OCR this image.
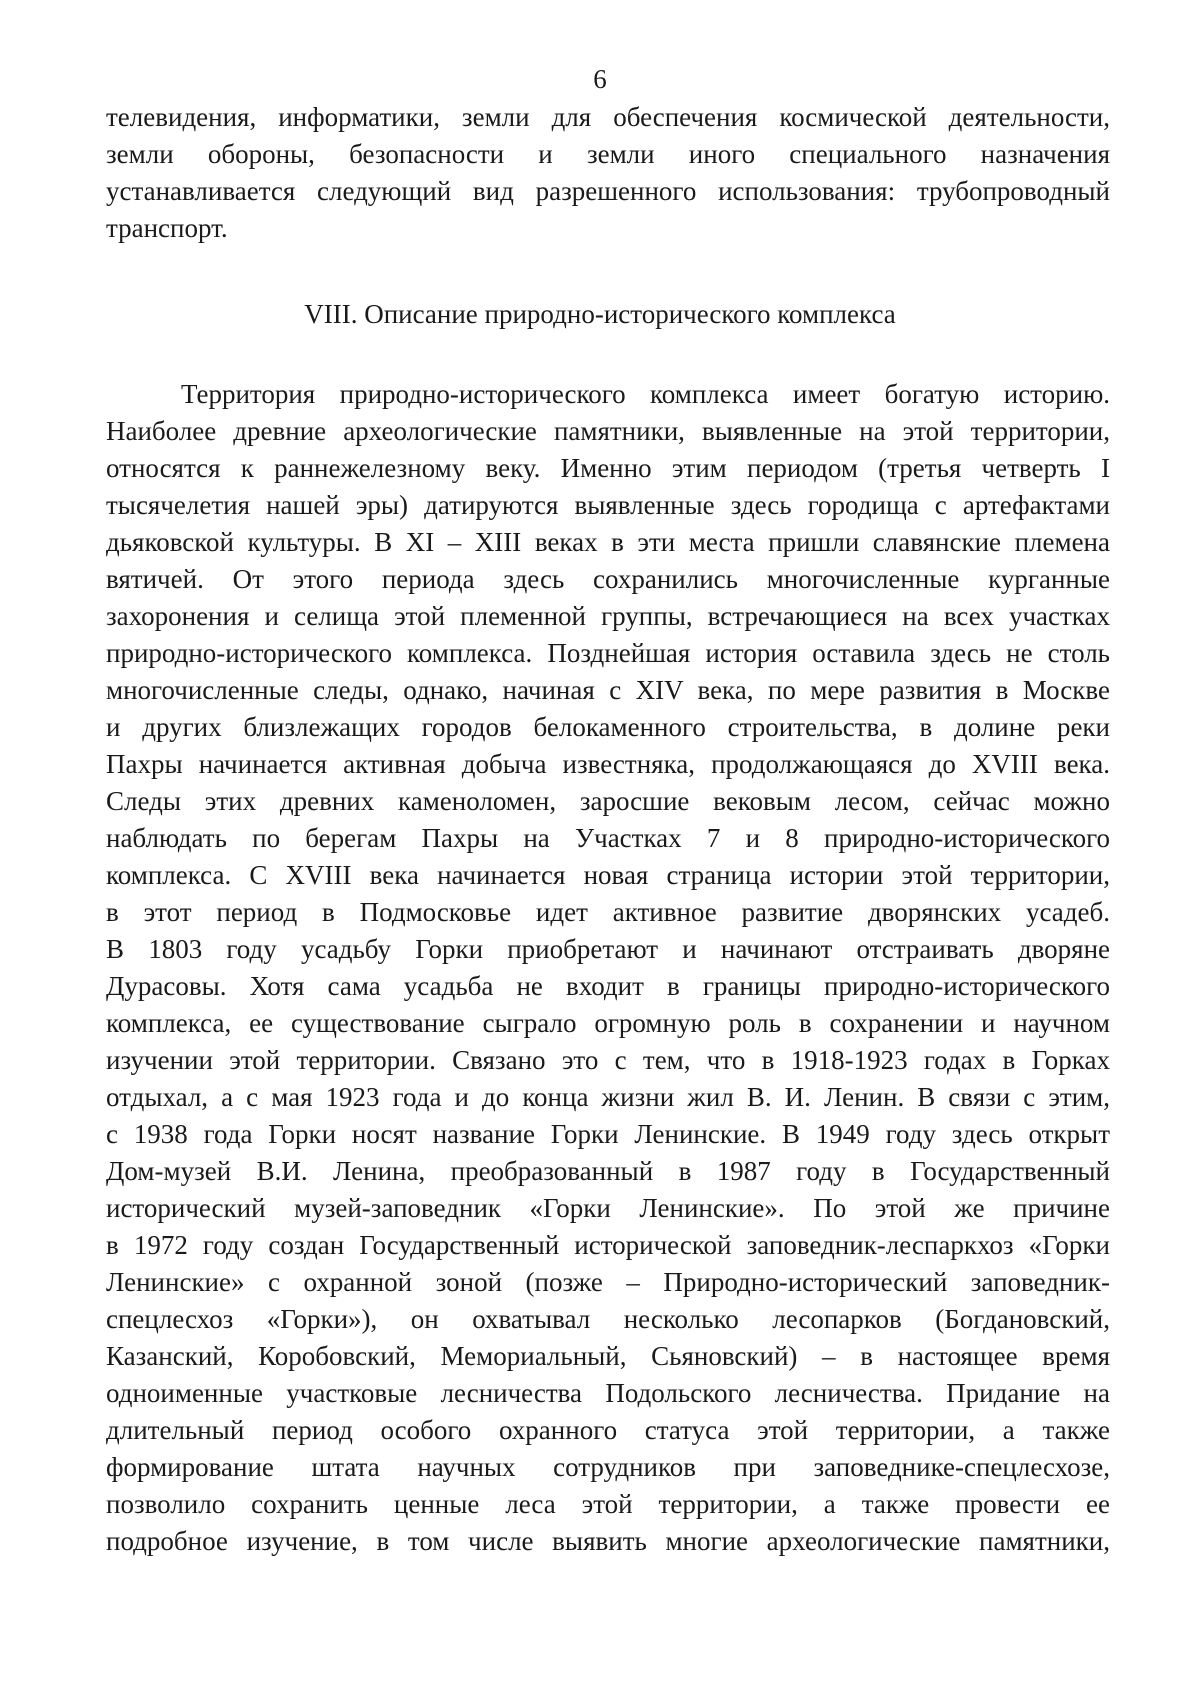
6
телевидения, информатики, земли для обеспечения космической деятельности,
земли обороны, безопасности и земли иного специального назначения
устанавливается следующий вид разрешенного использования: трубопроводный
транспорт.
VIII. Описание природно-исторического комплекса
Территория природно-исторического комплекса имеет богатую историю.
Наиболее древние археологические памятники, выявленные на этой территории,
относятся к раннежелезному веку. Именно этим периодом (третья четверть I
тысячелетия нашей эры) датируются выявленные здесь городища с артефактами
дьяковской культуры. В XI – XIII веках в эти места пришли славянские племена
вятичей. От этого периода здесь сохранились многочисленные курганные
захоронения и селища этой племенной группы, встречающиеся на всех участках
природно-исторического комплекса. Позднейшая история оставила здесь не столь
многочисленные следы, однако, начиная с XIV века, по мере развития в Москве
и других близлежащих городов белокаменного строительства, в долине реки
Пахры начинается активная добыча известняка, продолжающаяся до XVIII века.
Следы этих древних каменоломен, заросшие вековым лесом, сейчас можно
наблюдать по берегам Пахры на Участках 7 и 8 природно-исторического
комплекса. С XVIII века начинается новая страница истории этой территории,
в этот период в Подмосковье идет активное развитие дворянских усадеб.
В 1803 году усадьбу Горки приобретают и начинают отстраивать дворяне
Дурасовы. Хотя сама усадьба не входит в границы природно-исторического
комплекса, ее существование сыграло огромную роль в сохранении и научном
изучении этой территории. Связано это с тем, что в 1918-1923 годах в Горках
отдыхал, а с мая 1923 года и до конца жизни жил В. И. Ленин. В связи с этим,
с 1938 года Горки носят название Горки Ленинские. В 1949 году здесь открыт
Дом-музей В.И. Ленина, преобразованный в 1987 году в Государственный
исторический музей-заповедник «Горки Ленинские». По этой же причине
в 1972 году создан Государственный исторической заповедник-леспаркхоз «Горки
Ленинские» с охранной зоной (позже – Природно-исторический заповедник-
спецлесхоз «Горки»), он охватывал несколько лесопарков (Богдановский,
Казанский, Коробовский, Мемориальный, Сьяновский) – в настоящее время
одноименные участковые лесничества Подольского лесничества. Придание на
длительный период особого охранного статуса этой территории, а также
формирование штата научных сотрудников при заповеднике-спецлесхозе,
позволило сохранить ценные леса этой территории, а также провести ее
подробное изучение, в том числе выявить многие археологические памятники,
